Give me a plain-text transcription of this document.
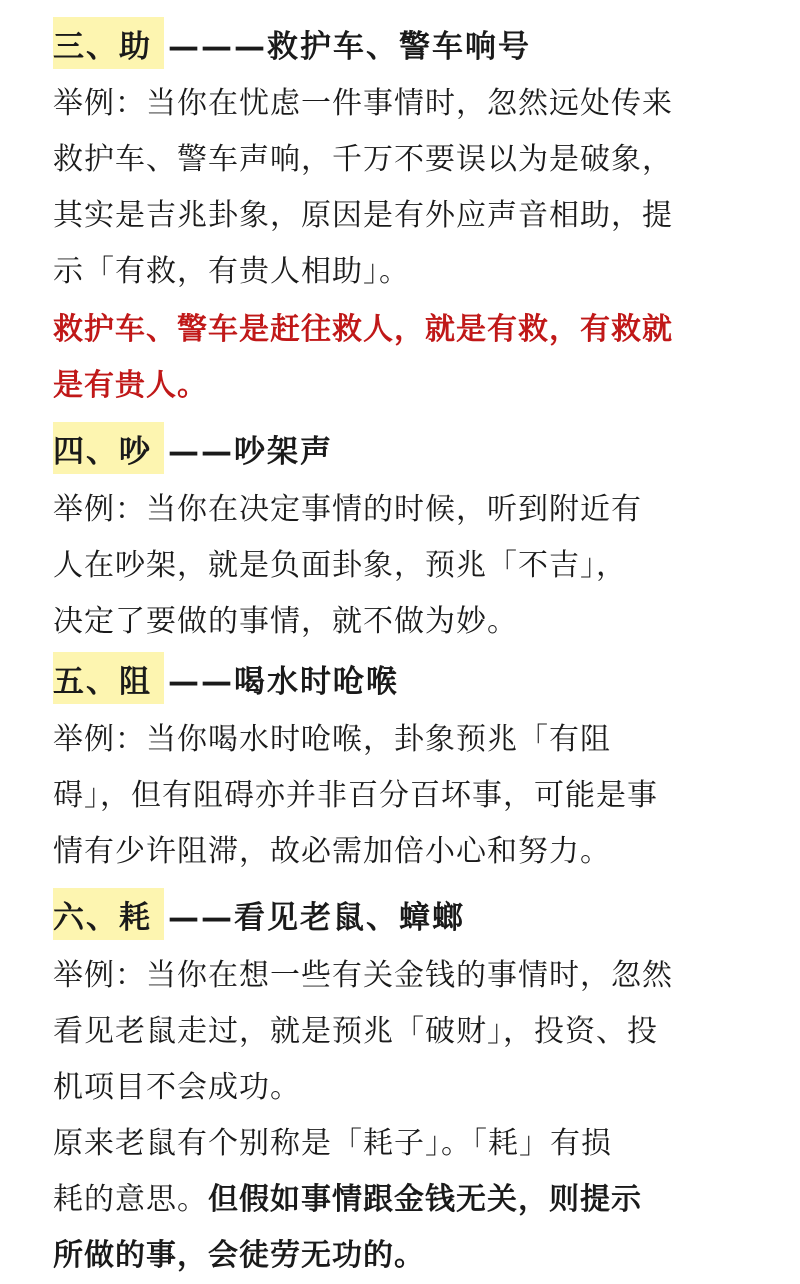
三、助 ———救护车、警车响号
举例：当你在忧虑一件事情时，忽然远处传来
救护车、警车声响，千万不要误以为是破象，
其实是吉兆卦象，原因是有外应声音相助，提
示「有救，有贵人相助」。
救护车、警车是赶往救人，就是有救，有救就
是有贵人。
四、吵 ——吵架声
举例：当你在决定事情的时候，听到附近有
人在吵架，就是负面卦象，预兆「不吉」，
决定了要做的事情，就不做为妙。
五、阻 ——喝水时呛喉
举例：当你喝水时呛喉，卦象预兆「有阻
碍」，但有阻碍亦并非百分百坏事，可能是事
情有少许阻滞，故必需加倍小心和努力。
六、耗 ——看见老鼠、蟑螂
举例：当你在想一些有关金钱的事情时，忽然
看见老鼠走过，就是预兆「破财」，投资、投
机项目不会成功。
原来老鼠有个别称是「耗子」。「耗」有损
耗的意思。但假如事情跟金钱无关，则提示
所做的事，会徒劳无功的。
